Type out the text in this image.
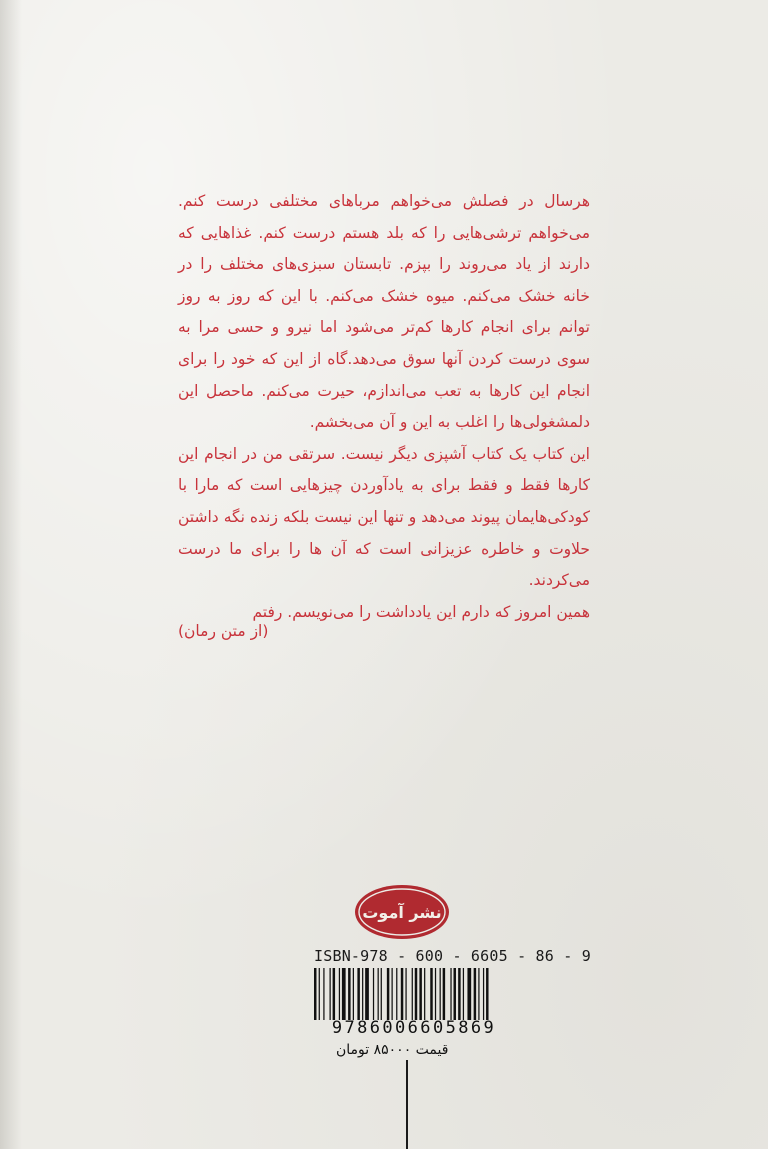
هرسال در فصلش می‌خواهم مرباهای مختلفی درست کنم. می‌خواهم ترشی‌هایی را که بلد هستم درست کنم. غذاهایی که دارند از یاد می‌روند را بپزم. تابستان سبزی‌های مختلف را در خانه خشک می‌کنم. میوه خشک می‌کنم. با این که روز به روز توانم برای انجام کارها کم‌تر می‌شود اما نیرو و حسی مرا به سوی درست کردن آنها سوق می‌دهد.گاه از این که خود را برای انجام این کارها به تعب می‌اندازم، حیرت می‌کنم. ماحصل این دلمشغولی‌ها را اغلب به این و آن می‌بخشم.

این کتاب یک کتاب آشپزی دیگر نیست. سرتقی من در انجام این کارها فقط و فقط برای به یادآوردن چیزهایی است که مارا با کودکی‌هایمان پیوند می‌دهد و تنها این نیست بلکه زنده نگه داشتن حلاوت و خاطره عزیزانی است که آن ها را برای ما درست می‌کردند.

همین امروز که دارم این یادداشت را می‌نویسم. رفتم

(از متن رمان)
نشر آموت
ISBN-978 - 600 - 6605 - 86 - 9
9786006605869
قیمت ۸۵۰۰۰ تومان
